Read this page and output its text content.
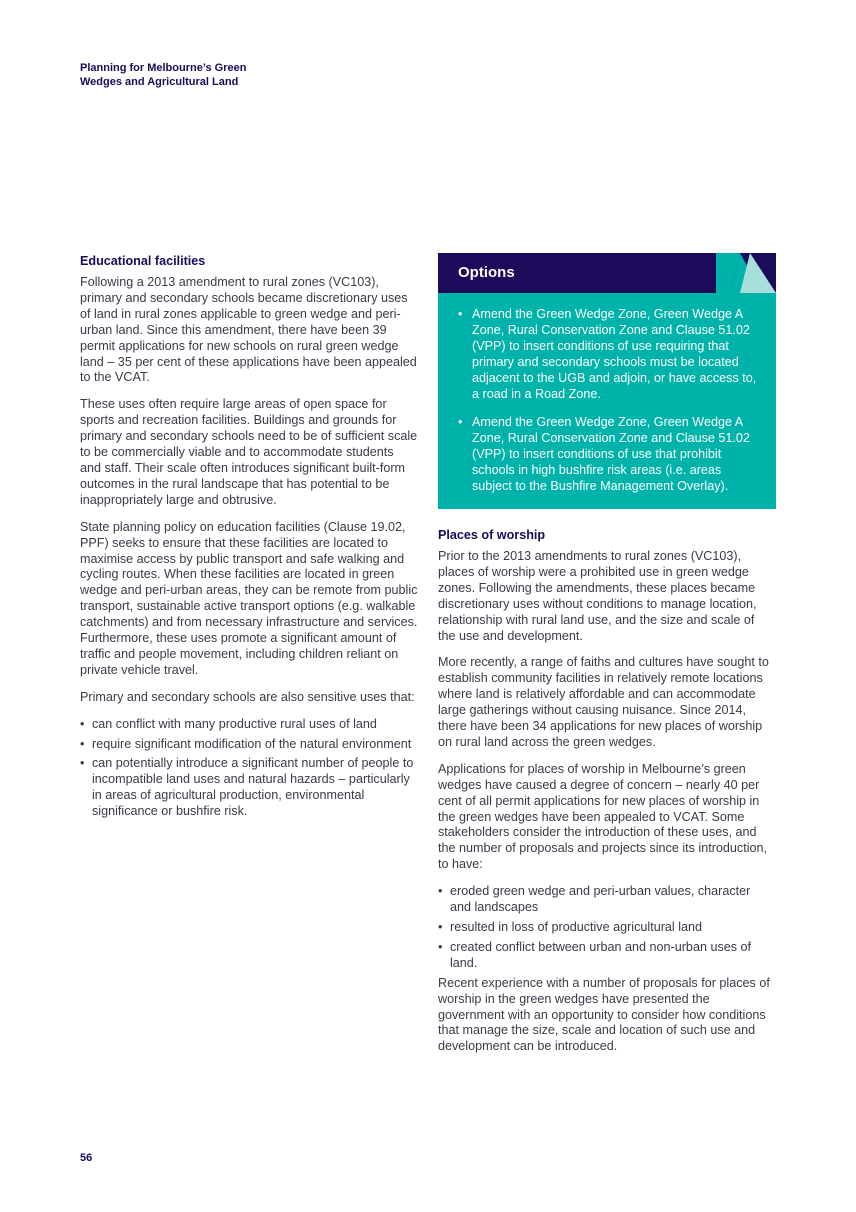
Planning for Melbourne’s Green
Wedges and Agricultural Land
Educational facilities

Following a 2013 amendment to rural zones (VC103), primary and secondary schools became discretionary uses of land in rural zones applicable to green wedge and peri-urban land. Since this amendment, there have been 39 permit applications for new schools on rural green wedge land – 35 per cent of these applications have been appealed to the VCAT.

These uses often require large areas of open space for sports and recreation facilities. Buildings and grounds for primary and secondary schools need to be of sufficient scale to be commercially viable and to accommodate students and staff. Their scale often introduces significant built-form outcomes in the rural landscape that has potential to be inappropriately large and obtrusive.

State planning policy on education facilities (Clause 19.02, PPF) seeks to ensure that these facilities are located to maximise access by public transport and safe walking and cycling routes. When these facilities are located in green wedge and peri-urban areas, they can be remote from public transport, sustainable active transport options (e.g. walkable catchments) and from necessary infrastructure and services. Furthermore, these uses promote a significant amount of traffic and people movement, including children reliant on private vehicle travel.

Primary and secondary schools are also sensitive uses that:

• can conflict with many productive rural uses of land
• require significant modification of the natural environment
• can potentially introduce a significant number of people to incompatible land uses and natural hazards – particularly in areas of agricultural production, environmental significance or bushfire risk.
Options
• Amend the Green Wedge Zone, Green Wedge A Zone, Rural Conservation Zone and Clause 51.02 (VPP) to insert conditions of use requiring that primary and secondary schools must be located adjacent to the UGB and adjoin, or have access to, a road in a Road Zone.
• Amend the Green Wedge Zone, Green Wedge A Zone, Rural Conservation Zone and Clause 51.02 (VPP) to insert conditions of use that prohibit schools in high bushfire risk areas (i.e. areas subject to the Bushfire Management Overlay).
Places of worship

Prior to the 2013 amendments to rural zones (VC103), places of worship were a prohibited use in green wedge zones. Following the amendments, these places became discretionary uses without conditions to manage location, relationship with rural land use, and the size and scale of the use and development.

More recently, a range of faiths and cultures have sought to establish community facilities in relatively remote locations where land is relatively affordable and can accommodate large gatherings without causing nuisance. Since 2014, there have been 34 applications for new places of worship on rural land across the green wedges.

Applications for places of worship in Melbourne’s green wedges have caused a degree of concern – nearly 40 per cent of all permit applications for new places of worship in the green wedges have been appealed to VCAT. Some stakeholders consider the introduction of these uses, and the number of proposals and projects since its introduction, to have:

• eroded green wedge and peri-urban values, character and landscapes
• resulted in loss of productive agricultural land
• created conflict between urban and non-urban uses of land.

Recent experience with a number of proposals for places of worship in the green wedges have presented the government with an opportunity to consider how conditions that manage the size, scale and location of such use and development can be introduced.

56
